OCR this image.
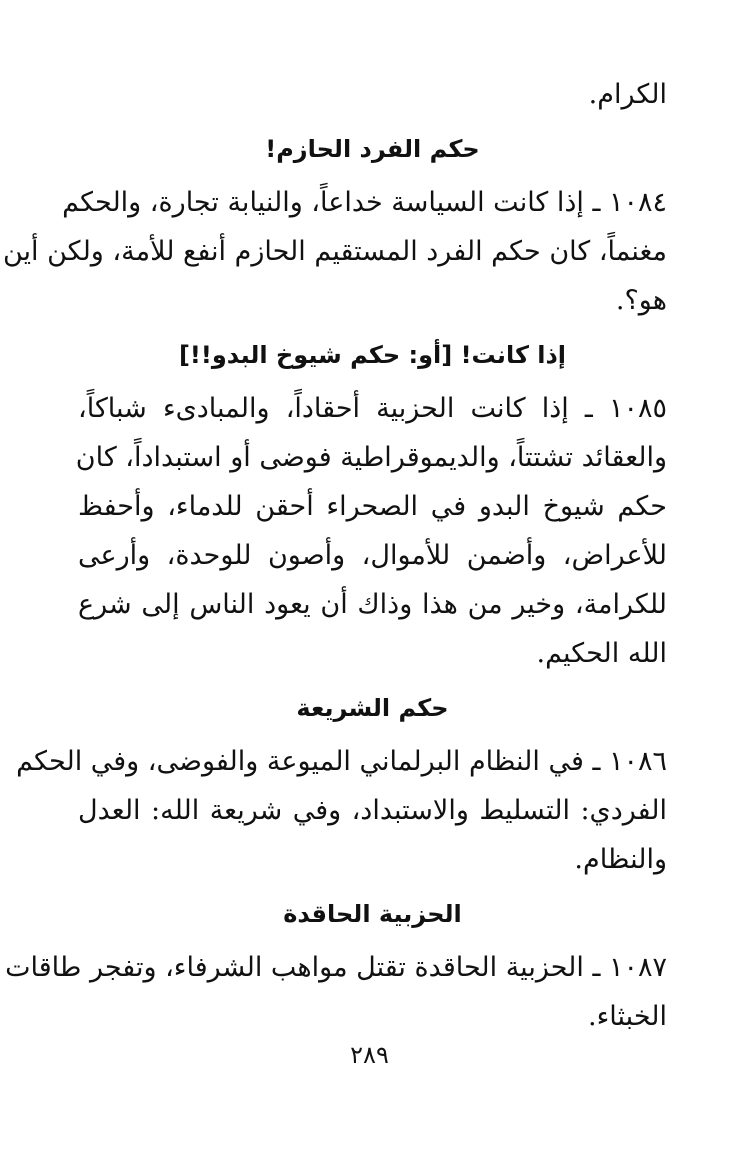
الكرام.
حكم الفرد الحازم!
١٠٨٤ ـ إذا كانت السياسة خداعاً، والنيابة تجارة، والحكم
مغنماً، كان حكم الفرد المستقيم الحازم أنفع للأمة، ولكن أين
هو؟.
إذا كانت! [أو: حكم شيوخ البدو!!]
١٠٨٥ ـ إذا كانت الحزبية أحقاداً، والمبادىء شباكاً،
والعقائد تشتتاً، والديموقراطية فوضى أو استبداداً، كان
حكم شيوخ البدو في الصحراء أحقن للدماء، وأحفظ
للأعراض، وأضمن للأموال، وأصون للوحدة، وأرعى
للكرامة، وخير من هذا وذاك أن يعود الناس إلى شرع
الله الحكيم.
حكم الشريعة
١٠٨٦ ـ في النظام البرلماني الميوعة والفوضى، وفي الحكم
الفردي: التسليط والاستبداد، وفي شريعة الله: العدل
والنظام.
الحزبية الحاقدة
١٠٨٧ ـ الحزبية الحاقدة تقتل مواهب الشرفاء، وتفجر طاقات
الخبثاء.
٢٨٩
